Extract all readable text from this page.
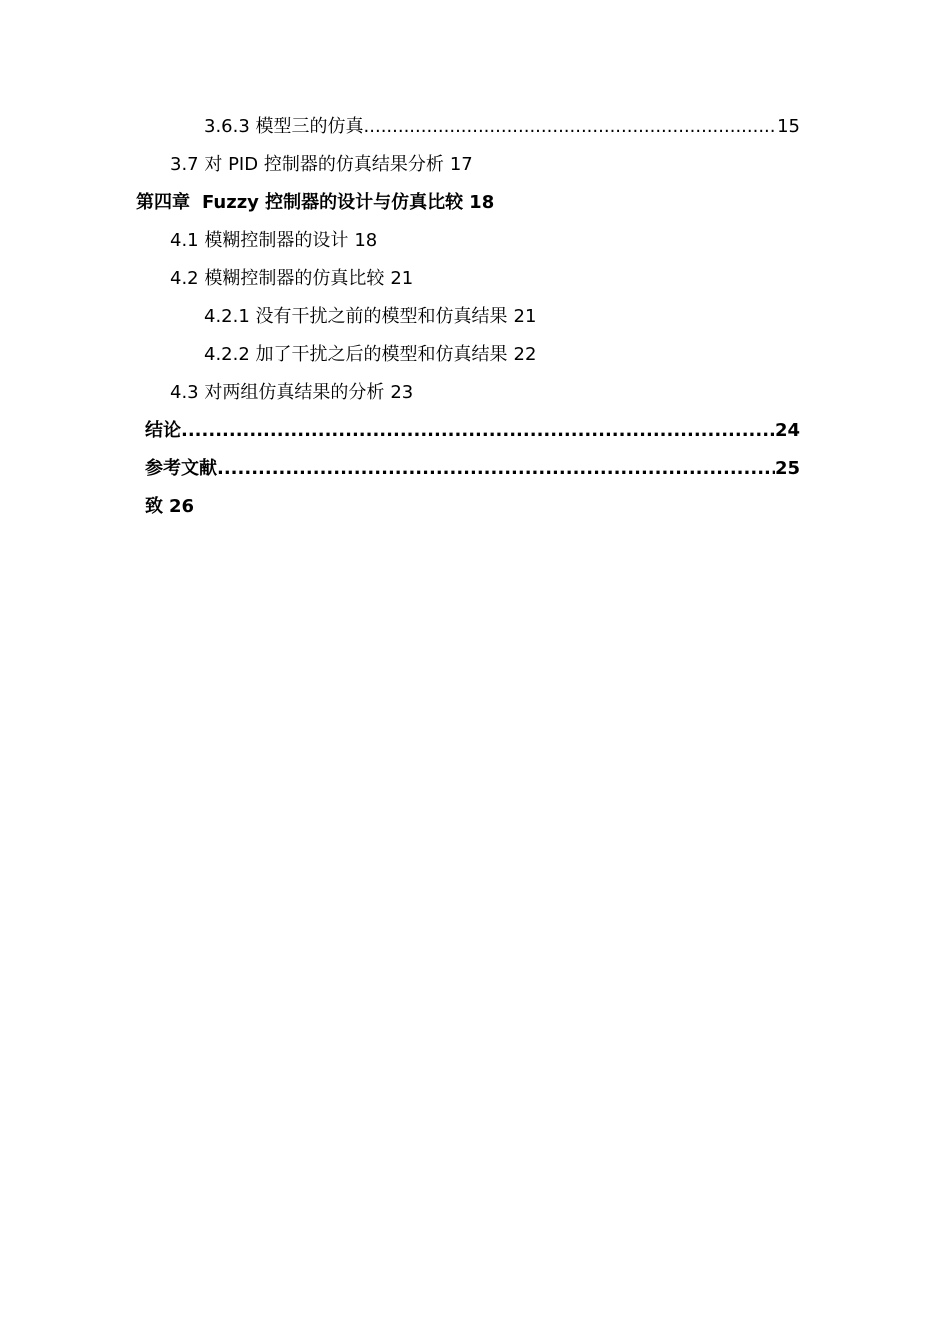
3.6.3 模型三的仿真 .....	15
3.7 对 PID 控制器的仿真结果分析 17
第四章 Fuzzy 控制器的设计与仿真比较 18
4.1 模糊控制器的设计 18
4.2 模糊控制器的仿真比较 21
4.2.1 没有干扰之前的模型和仿真结果 21
4.2.2 加了干扰之后的模型和仿真结果 22
4.3 对两组仿真结果的分析 23
结论 .....	24
参考文献 .....	25
致 26
